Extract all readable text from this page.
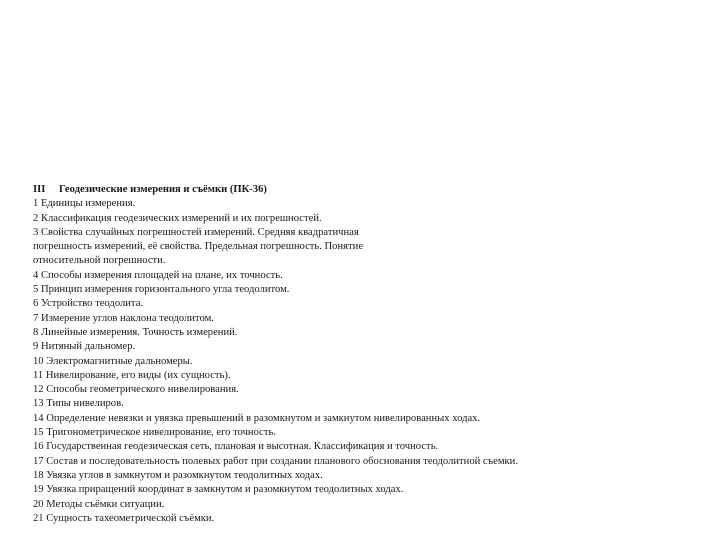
III Геодезические измерения и съёмки (ПК-36)
1 Единицы измерения.
2 Классификация геодезических измерений и их погрешностей.
3 Свойства случайных погрешностей измерений. Средняя квадратичная
погрешность измерений, её свойства. Предельная погрешность. Понятие
относительной погрешности.
4 Способы измерения площадей на плане, их точность.
5 Принцип измерения горизонтального угла теодолитом.
6 Устройство теодолита.
7 Измерение углов наклона теодолитом.
8 Линейные измерения. Точность измерений.
9 Нитяный дальномер.
10 Электромагнитные дальномеры.
11 Нивелирование, его виды (их сущность).
12 Способы геометрического нивелирования.
13 Типы нивелиров.
14 Определение невязки и увязка превышений в разомкнутом и замкнутом нивелированных ходах.
15 Тригонометрическое нивелирование, его точность.
16 Государственная геодезическая сеть, плановая и высотная. Классификация и точность.
17 Состав и последовательность полевых работ при создании планового обоснования теодолитной съемки.
18 Увязка углов в замкнутом и разомкнутом теодолитных ходах.
19 Увязка приращений координат в замкнутом и разомкнутом теодолитных ходах.
20 Методы съёмки ситуации.
21 Сущность тахеометрической съёмки.
